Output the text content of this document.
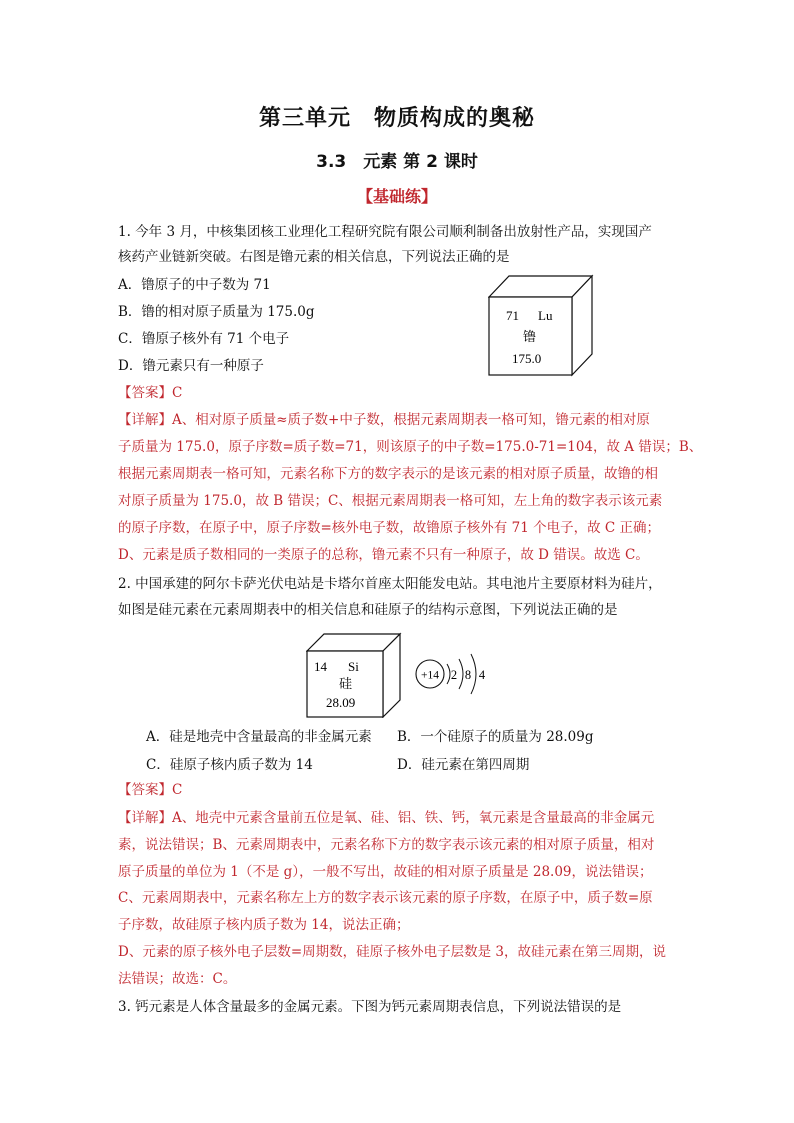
第三单元　物质构成的奥秘
3.3　元素 第 2 课时
【基础练】
1. 今年 3 月，中核集团核工业理化工程研究院有限公司顺利制备出放射性产品，实现国产
核药产业链新突破。右图是镥元素的相关信息，下列说法正确的是
A．镥原子的中子数为 71
B．镥的相对原子质量为 175.0g
C．镥原子核外有 71 个电子
D．镥元素只有一种原子
71 Lu
镥
175.0
【答案】C
【详解】A、相对原子质量≈质子数+中子数，根据元素周期表一格可知，镥元素的相对原
子质量为 175.0，原子序数=质子数=71，则该原子的中子数=175.0-71=104，故 A 错误；B、
根据元素周期表一格可知，元素名称下方的数字表示的是该元素的相对原子质量，故镥的相
对原子质量为 175.0，故 B 错误；C、根据元素周期表一格可知，左上角的数字表示该元素
的原子序数，在原子中，原子序数=核外电子数，故镥原子核外有 71 个电子，故 C 正确；
D、元素是质子数相同的一类原子的总称，镥元素不只有一种原子，故 D 错误。故选 C。
2. 中国承建的阿尔卡萨光伏电站是卡塔尔首座太阳能发电站。其电池片主要原材料为硅片，
如图是硅元素在元素周期表中的相关信息和硅原子的结构示意图，下列说法正确的是
14 Si
硅
28.09
+14 2 8 4
A．硅是地壳中含量最高的非金属元素 B．一个硅原子的质量为 28.09g
C．硅原子核内质子数为 14	D．硅元素在第四周期
【答案】C
【详解】A、地壳中元素含量前五位是氧、硅、铝、铁、钙，氧元素是含量最高的非金属元
素，说法错误；B、元素周期表中，元素名称下方的数字表示该元素的相对原子质量，相对
原子质量的单位为 1（不是 g），一般不写出，故硅的相对原子质量是 28.09，说法错误；
C、元素周期表中，元素名称左上方的数字表示该元素的原子序数，在原子中，质子数=原
子序数，故硅原子核内质子数为 14，说法正确；
D、元素的原子核外电子层数=周期数，硅原子核外电子层数是 3，故硅元素在第三周期，说
法错误；故选：C。
3. 钙元素是人体含量最多的金属元素。下图为钙元素周期表信息，下列说法错误的是
